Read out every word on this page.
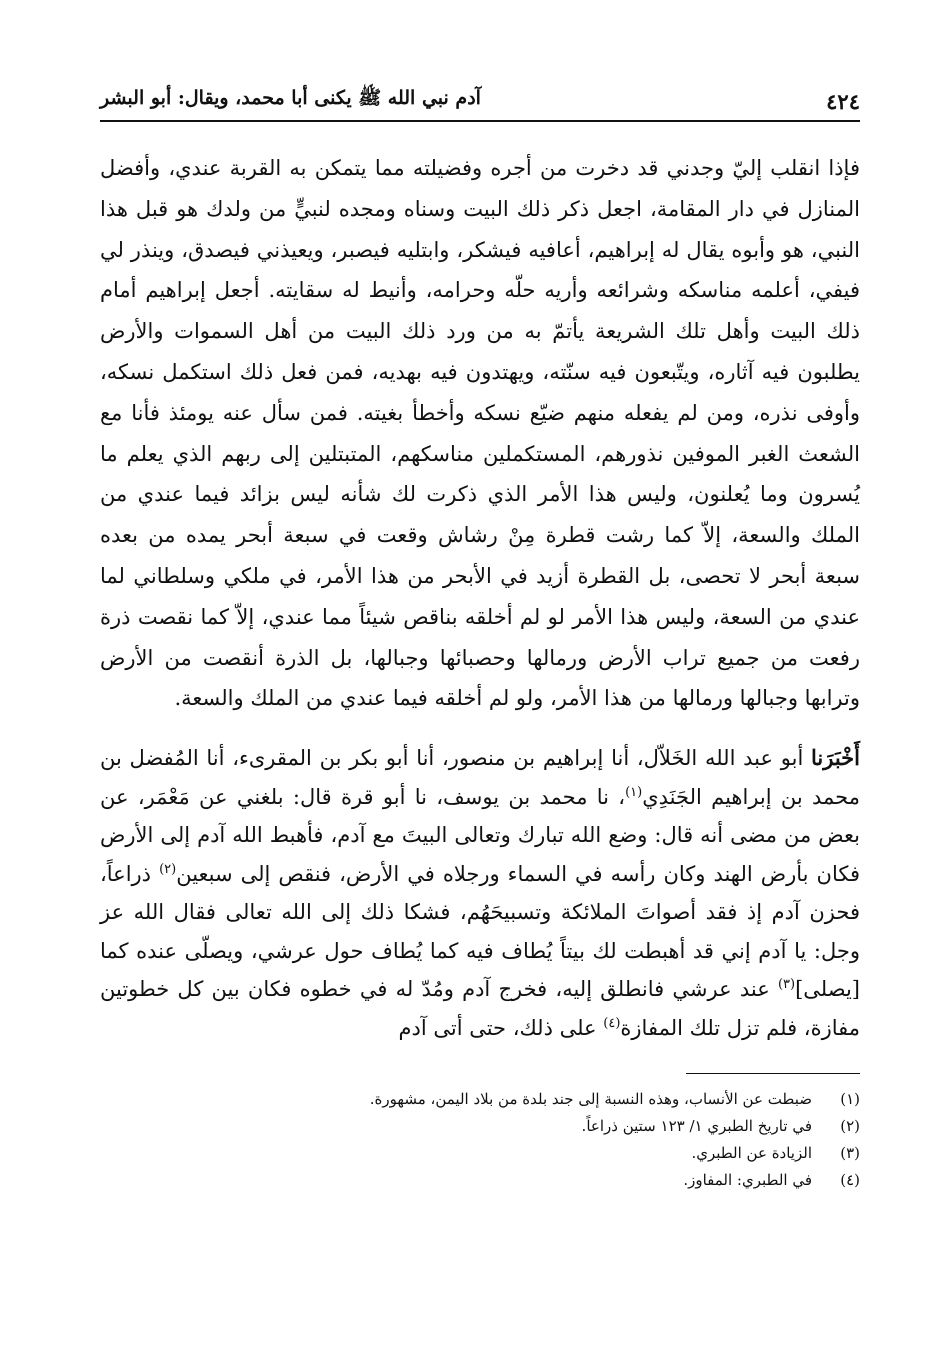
٤٢٤
آدم نبي الله ﷺ يكنى أبا محمد، ويقال: أبو البشر

فإذا انقلب إليّ وجدني قد دخرت من أجره وفضيلته مما يتمكن به القربة عندي، وأفضل المنازل في دار المقامة، اجعل ذكر ذلك البيت وسناه ومجده لنبيٍّ من ولدك هو قبل هذا النبي، هو وأبوه يقال له إبراهيم، أعافيه فيشكر، وابتليه فيصبر، ويعيذني فيصدق، وينذر لي فيفي، أعلمه مناسكه وشرائعه وأريه حلّه وحرامه، وأنيط له سقايته. أجعل إبراهيم أمام ذلك البيت وأهل تلك الشريعة يأتمّ به من ورد ذلك البيت من أهل السموات والأرض يطلبون فيه آثاره، ويتّبعون فيه سنّته، ويهتدون فيه بهديه، فمن فعل ذلك استكمل نسكه، وأوفى نذره، ومن لم يفعله منهم ضيّع نسكه وأخطأ بغيته. فمن سأل عنه يومئذ فأنا مع الشعث الغبر الموفين نذورهم، المستكملين مناسكهم، المتبتلين إلى ربهم الذي يعلم ما يُسرون وما يُعلنون، وليس هذا الأمر الذي ذكرت لك شأنه ليس بزائد فيما عندي من الملك والسعة، إلاّ كما رشت قطرة مِنْ رشاش وقعت في سبعة أبحر يمده من بعده سبعة أبحر لا تحصى، بل القطرة أزيد في الأبحر من هذا الأمر، في ملكي وسلطاني لما عندي من السعة، وليس هذا الأمر لو لم أخلقه بناقص شيئاً مما عندي، إلاّ كما نقصت ذرة رفعت من جميع تراب الأرض ورمالها وحصبائها وجبالها، بل الذرة أنقصت من الأرض وترابها وجبالها ورمالها من هذا الأمر، ولو لم أخلقه فيما عندي من الملك والسعة.

أَخْبَرَنا أبو عبد الله الخَلاّل، أنا إبراهيم بن منصور، أنا أبو بكر بن المقرىء، أنا المُفضل بن محمد بن إبراهيم الجَنَدِي$^{(١)}$، نا محمد بن يوسف، نا أبو قرة قال: بلغني عن مَعْمَر، عن بعض من مضى أنه قال: وضع الله تبارك وتعالى البيتَ مع آدم، فأهبط الله آدم إلى الأرض فكان بأرض الهند وكان رأسه في السماء ورجلاه في الأرض، فنقص إلى سبعين$^{(٢)}$ ذراعاً، فحزن آدم إذ فقد أصواتَ الملائكة وتسبيحَهُم، فشكا ذلك إلى الله تعالى فقال الله عز وجل: يا آدم إني قد أهبطت لك بيتاً يُطاف فيه كما يُطاف حول عرشي، ويصلّى عنده كما [يصلى]$^{(٣)}$ عند عرشي فانطلق إليه، فخرج آدم ومُدّ له في خطوه فكان بين كل خطوتين مفازة، فلم تزل تلك المفازة$^{(٤)}$ على ذلك، حتى أتى آدم

(١)
ضبطت عن الأنساب، وهذه النسبة إلى جند بلدة من بلاد اليمن، مشهورة.
(٢)
في تاريخ الطبري ١/ ١٢٣ ستين ذراعاً.
(٣)
الزيادة عن الطبري.
(٤)
في الطبري: المفاوز.
